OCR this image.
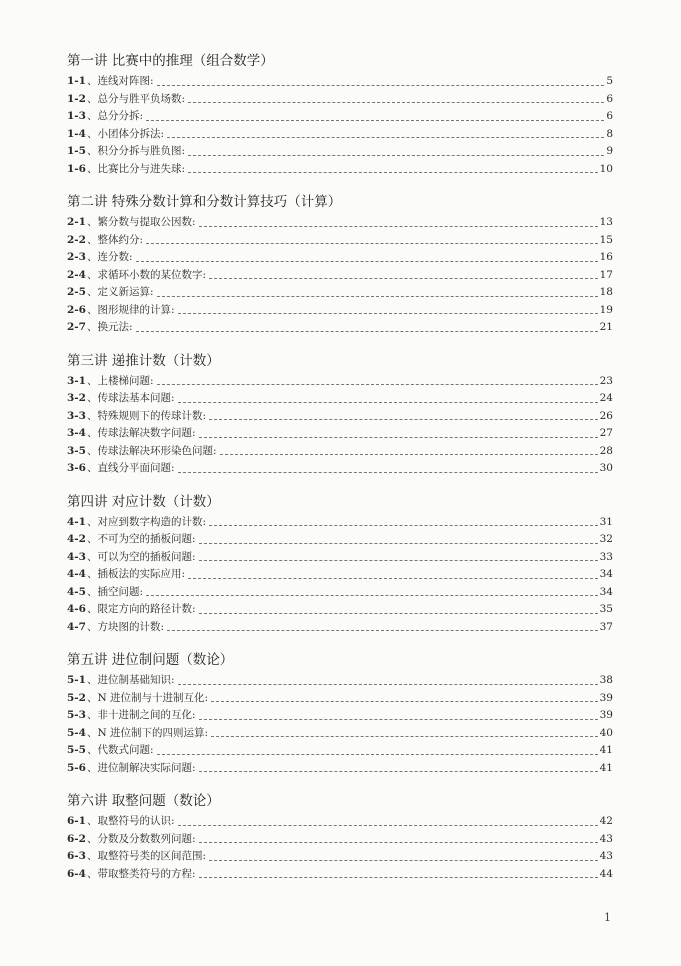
第一讲 比赛中的推理（组合数学）
1-1 、连线对阵图:	5
1-2 、总分与胜平负场数:	6
1-3 、总分分拆:	6
1-4 、小团体分拆法:	8
1-5 、积分分拆与胜负图:	9
1-6 、比赛比分与进失球:	10
第二讲 特殊分数计算和分数计算技巧（计算）
2-1 、繁分数与提取公因数:	13
2-2 、整体约分:	15
2-3 、连分数:	16
2-4 、求循环小数的某位数字:	17
2-5 、定义新运算:	18
2-6 、图形规律的计算:	19
2-7 、换元法:	21
第三讲 递推计数（计数）
3-1 、上楼梯问题:	23
3-2 、传球法基本问题:	24
3-3 、特殊规则下的传球计数:	26
3-4 、传球法解决数字问题:	27
3-5 、传球法解决环形染色问题:	28
3-6 、直线分平面问题:	30
第四讲 对应计数（计数）
4-1 、对应到数字构造的计数:	31
4-2 、不可为空的插板问题:	32
4-3 、可以为空的插板问题:	33
4-4 、插板法的实际应用:	34
4-5 、插空问题:	34
4-6 、限定方向的路径计数:	35
4-7 、方块图的计数:	37
第五讲 进位制问题（数论）
5-1 、进位制基础知识:	38
5-2 、N 进位制与十进制互化:	39
5-3 、非十进制之间的互化:	39
5-4 、N 进位制下的四则运算:	40
5-5 、代数式问题:	41
5-6 、进位制解决实际问题:	41
第六讲 取整问题（数论）
6-1 、取整符号的认识:	42
6-2 、分数及分数数列问题:	43
6-3 、取整符号类的区间范围:	43
6-4 、带取整类符号的方程:	44
1
